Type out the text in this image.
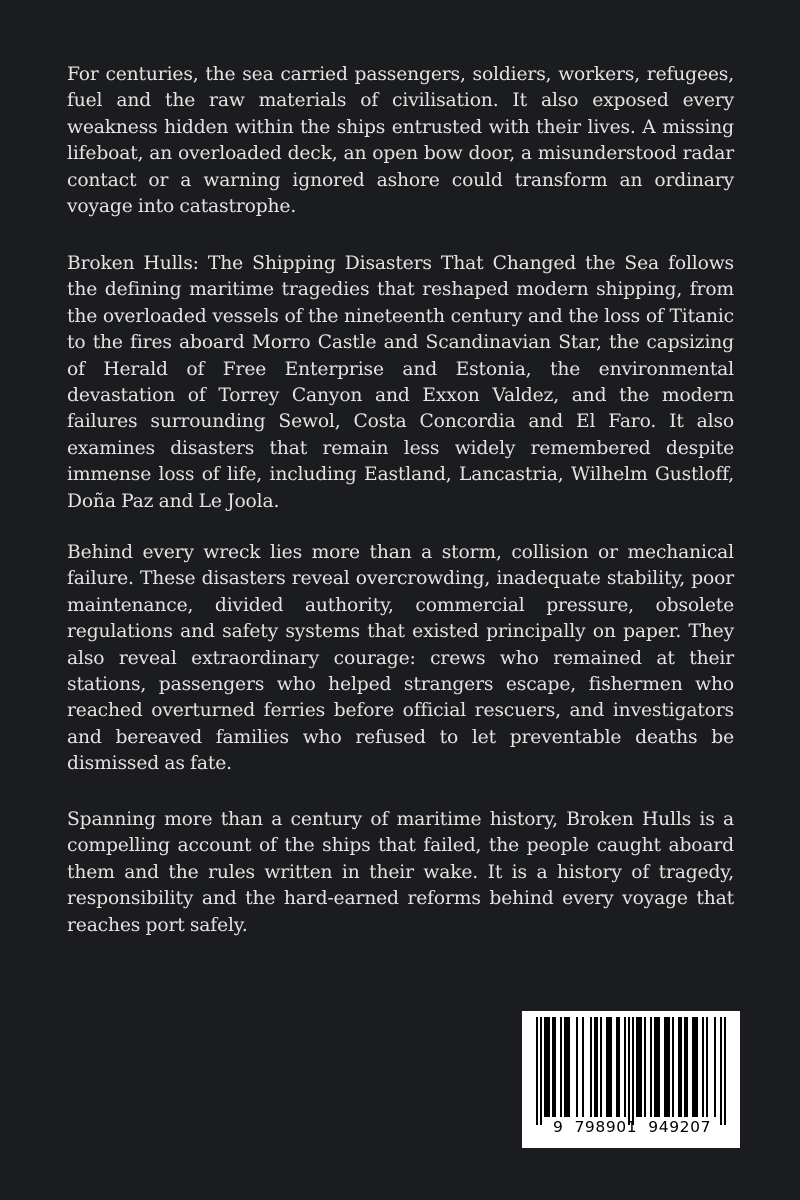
For centuries, the sea carried passengers, soldiers, workers, refugees, fuel and the raw materials of civilisation. It also exposed every weakness hidden within the ships entrusted with their lives. A missing lifeboat, an overloaded deck, an open bow door, a misunderstood radar contact or a warning ignored ashore could transform an ordinary voyage into catastrophe.

Broken Hulls: The Shipping Disasters That Changed the Sea follows the defining maritime tragedies that reshaped modern shipping, from the overloaded vessels of the nineteenth century and the loss of Titanic to the fires aboard Morro Castle and Scandinavian Star, the capsizing of Herald of Free Enterprise and Estonia, the environmental devastation of Torrey Canyon and Exxon Valdez, and the modern failures surrounding Sewol, Costa Concordia and El Faro. It also examines disasters that remain less widely remembered despite immense loss of life, including Eastland, Lancastria, Wilhelm Gustloff, Doña Paz and Le Joola.

Behind every wreck lies more than a storm, collision or mechanical failure. These disasters reveal overcrowding, inadequate stability, poor maintenance, divided authority, commercial pressure, obsolete regulations and safety systems that existed principally on paper. They also reveal extraordinary courage: crews who remained at their stations, passengers who helped strangers escape, fishermen who reached overturned ferries before official rescuers, and investigators and bereaved families who refused to let preventable deaths be dismissed as fate.

Spanning more than a century of maritime history, Broken Hulls is a compelling account of the ships that failed, the people caught aboard them and the rules written in their wake. It is a history of tragedy, responsibility and the hard-earned reforms behind every voyage that reaches port safely.

9  798901  949207
